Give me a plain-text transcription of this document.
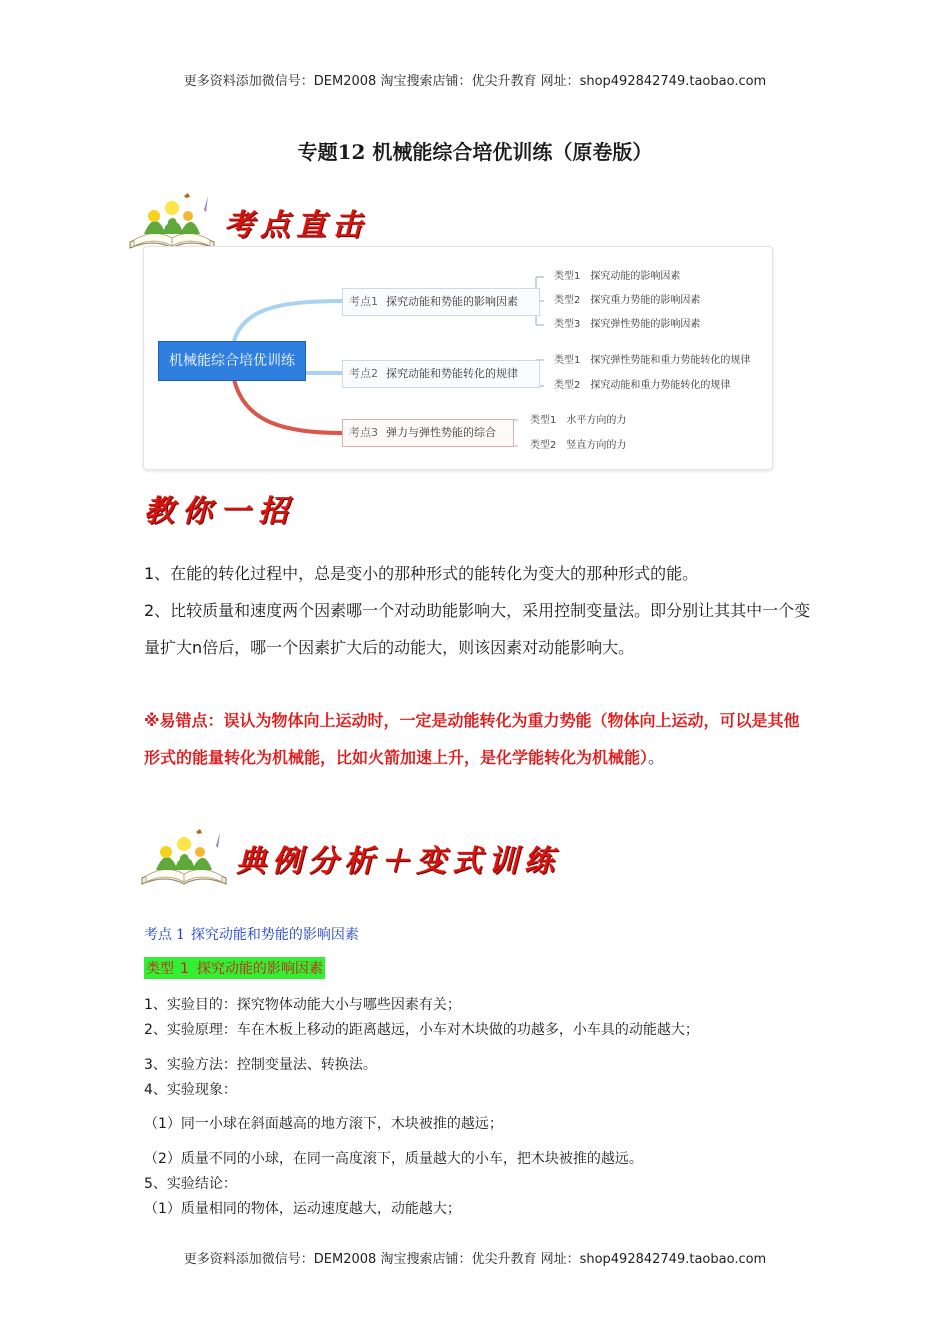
更多资料添加微信号：DEM2008 淘宝搜索店铺：优尖升教育 网址：shop492842749.taobao.com
专题12 机械能综合培优训练（原卷版）
考点直击
机械能综合培优训练
考点1 探究动能和势能的影响因素
类型1 探究动能的影响因素
类型2 探究重力势能的影响因素
类型3 探究弹性势能的影响因素
考点2 探究动能和势能转化的规律
类型1 探究弹性势能和重力势能转化的规律
类型2 探究动能和重力势能转化的规律
考点3 弹力与弹性势能的综合
类型1 水平方向的力
类型2 竖直方向的力
教你一招
1、在能的转化过程中，总是变小的那种形式的能转化为变大的那种形式的能。
2、比较质量和速度两个因素哪一个对动助能影响大，采用控制变量法。即分别让其其中一个变量扩大n倍后，哪一个因素扩大后的动能大，则该因素对动能影响大。
※易错点：误认为物体向上运动时，一定是动能转化为重力势能（物体向上运动，可以是其他形式的能量转化为机械能，比如火箭加速上升，是化学能转化为机械能）。
典例分析＋变式训练
考点 1 探究动能和势能的影响因素
类型 1 探究动能的影响因素
1、实验目的：探究物体动能大小与哪些因素有关；
2、实验原理：车在木板上移动的距离越远，小车对木块做的功越多，小车具的动能越大；
3、实验方法：控制变量法、转换法。
4、实验现象：
（1）同一小球在斜面越高的地方滚下，木块被推的越远；
（2）质量不同的小球，在同一高度滚下，质量越大的小车，把木块被推的越远。
5、实验结论：
（1）质量相同的物体，运动速度越大，动能越大；
更多资料添加微信号：DEM2008 淘宝搜索店铺：优尖升教育 网址：shop492842749.taobao.com
